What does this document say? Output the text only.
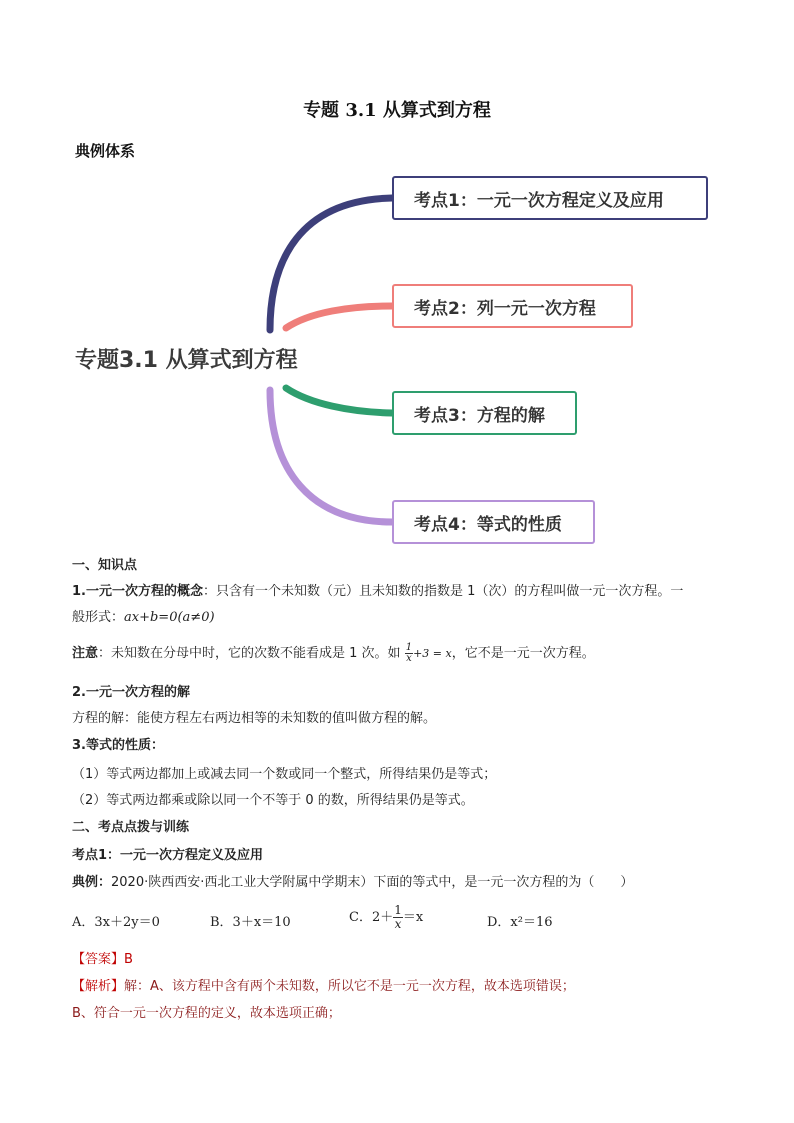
专题 3.1 从算式到方程
典例体系
专题3.1 从算式到方程
考点1：一元一次方程定义及应用
考点2：列一元一次方程
考点3：方程的解
考点4：等式的性质
一、知识点
1.一元一次方程的概念：只含有一个未知数（元）且未知数的指数是 1（次）的方程叫做一元一次方程。一
般形式：ax+b=0(a≠0)
注意：未知数在分母中时，它的次数不能看成是 1 次。如 $\frac{1}{x} +3 = x$，它不是一元一次方程。
2.一元一次方程的解
方程的解：能使方程左右两边相等的未知数的值叫做方程的解。
3.等式的性质：
（1）等式两边都加上或减去同一个数或同一个整式，所得结果仍是等式；
（2）等式两边都乘或除以同一个不等于 0 的数，所得结果仍是等式。
二、考点点拨与训练
考点1：一元一次方程定义及应用
典例：2020·陕西西安·西北工业大学附属中学期末）下面的等式中，是一元一次方程的为（　　）
A．3x＋2y＝0	B．3＋x＝10	C．$2+ \frac{1}{x} =x$	D．x²＝16
【答案】B
【解析】解：A、该方程中含有两个未知数，所以它不是一元一次方程，故本选项错误；
B、符合一元一次方程的定义，故本选项正确；
